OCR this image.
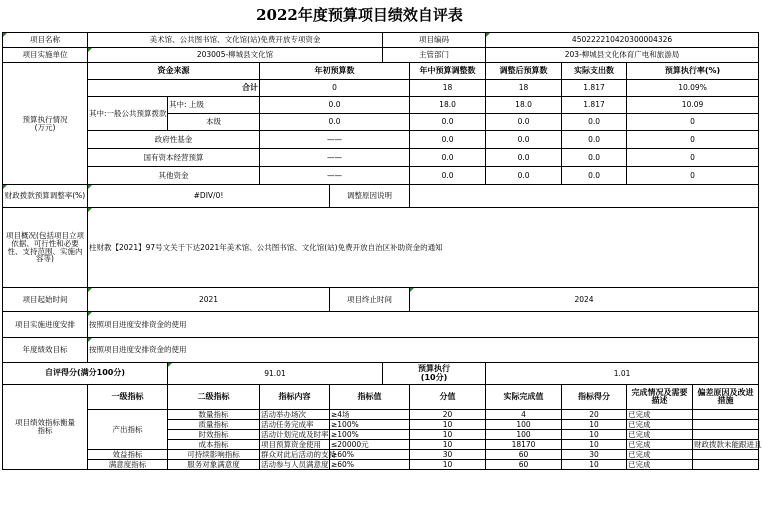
2022年度预算项目绩效自评表
项目名称	美术馆、公共图书馆、文化馆(站)免费开放专项资金				项目编码		450222210420300004326			
项目实施单位	203005-柳城县文化馆				主管部门		203-柳城县文化体育广电和旅游局			
预算执行情况
(万元)	资金来源		年初预算数			年中预算调整数	调整后预算数	实际支出数	预算执行率(%)	
	合计		0			18	18	1.817	10.09%	
	其中:一般公共预算拨款	其中: 上级	0.0			18.0	18.0	1.817	10.09	
		本级	0.0			0.0	0.0	0.0	0	
	政府性基金		——			0.0	0.0	0.0	0	
	国有资本经营预算		——			0.0	0.0	0.0	0	
	其他资金		——			0.0	0.0	0.0	0	
财政拨款预算调整率(%)	#DIV/0!			调整原因说明						
项目概况(包括项目立项依据、可行性和必要性、支持范围、实施内容等)	柱财教【2021】97号文关于下达2021年美术馆、公共图书馆、文化馆(站)免费开放自治区补助资金的通知									
项目起始时间	2021			项目终止时间		2024				
项目实施进度安排	按照项目进度安排资金的使用									
年度绩效目标	按照项目进度安排资金的使用									
自评得分(满分100分)		91.01			预算执行
(10分)		1.01			
项目绩效指标衡量指标	一级指标	二级指标	指标内容	指标值		分值	实际完成值	指标得分	完成情况及需要描述	偏差原因及改进措施
	产出指标	数量指标	活动举办场次	≥4场		20	4	20	已完成	
		质量指标	活动任务完成率	≥100%		10	100	10	已完成	
		时效指标	活动计划完成及时率	≥100%		10	100	10	已完成	
		成本指标	项目预算资金使用	≤20000元		10	18170	10	已完成	财政拨款未能跟进且
	效益指标	可持续影响指标	群众对此后活动的支持	≥60%		30	60	30	已完成	
	满意度指标	服务对象满意度	活动参与人员满意度	≥60%		10	60	10	已完成	
